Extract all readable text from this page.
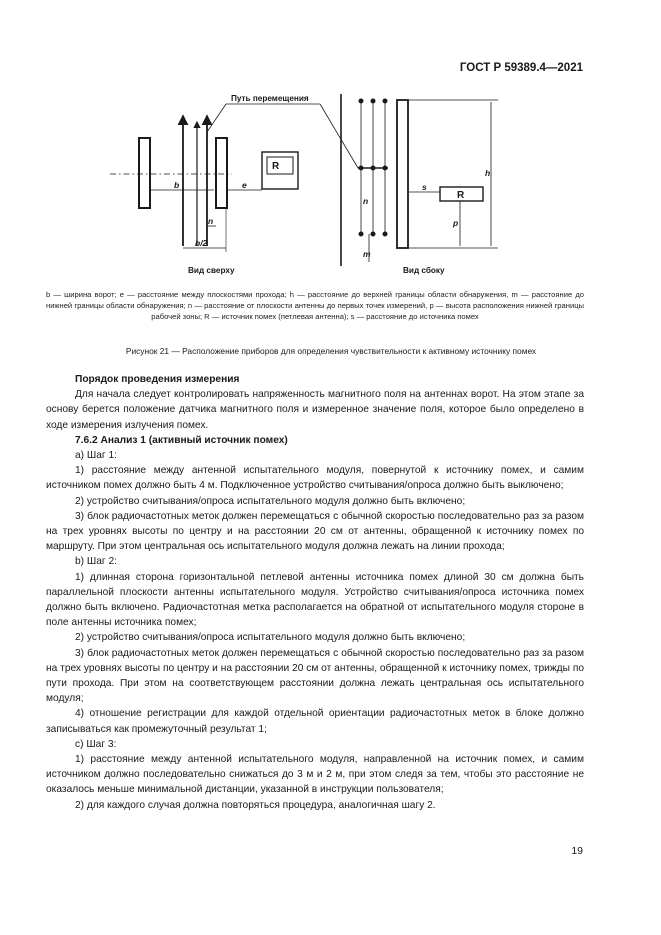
ГОСТ Р 59389.4—2021
b	e
n
b/2
R
Путь перемещения
Вид сверху
h
s
p
n
m
R
Вид сбоку
b — ширина ворот; e — расстояние между плоскостями прохода; h — расстояние до верхней границы области обнаружения, m — расстояние до нижней границы области обнаружения; n — расстояние от плоскости антенны до первых точек измерений, p — высота расположения нижней границы рабочей зоны; R — источник помех (петлевая антенна); s — расстояние до источника помех
Рисунок 21 — Расположение приборов для определения чувствительности к активному источнику помех

Порядок проведения измерения

Для начала следует контролировать напряженность магнитного поля на антеннах ворот. На этом этапе за основу берется положение датчика магнитного поля и измеренное значение поля, которое было определено в ходе измерения излучения помех.

7.6.2 Анализ 1 (активный источник помех)

a) Шаг 1:

1) расстояние между антенной испытательного модуля, повернутой к источнику помех, и самим источником помех должно быть 4 м. Подключенное устройство считывания/опроса должно быть выключено;

2) устройство считывания/опроса испытательного модуля должно быть включено;

3) блок радиочастотных меток должен перемещаться с обычной скоростью последовательно раз за разом на трех уровнях высоты по центру и на расстоянии 20 см от антенны, обращенной к источнику помех по маршруту. При этом центральная ось испытательного модуля должна лежать на линии прохода;

b) Шаг 2:

1) длинная сторона горизонтальной петлевой антенны источника помех длиной 30 см должна быть параллельной плоскости антенны испытательного модуля. Устройство считывания/опроса источника помех должно быть включено. Радиочастотная метка располагается на обратной от испытательного модуля стороне в поле антенны источника помех;

2) устройство считывания/опроса испытательного модуля должно быть включено;

3) блок радиочастотных меток должен перемещаться с обычной скоростью последовательно раз за разом на трех уровнях высоты по центру и на расстоянии 20 см от антенны, обращенной к источнику помех, трижды по пути прохода. При этом на соответствующем расстоянии должна лежать центральная ось испытательного модуля;

4) отношение регистрации для каждой отдельной ориентации радиочастотных меток в блоке должно записываться как промежуточный результат 1;

c) Шаг 3:

1) расстояние между антенной испытательного модуля, направленной на источник помех, и самим источником должно последовательно снижаться до 3 м и 2 м, при этом следя за тем, чтобы это расстояние не оказалось меньше минимальной дистанции, указанной в инструкции пользователя;

2) для каждого случая должна повторяться процедура, аналогичная шагу 2.

19
